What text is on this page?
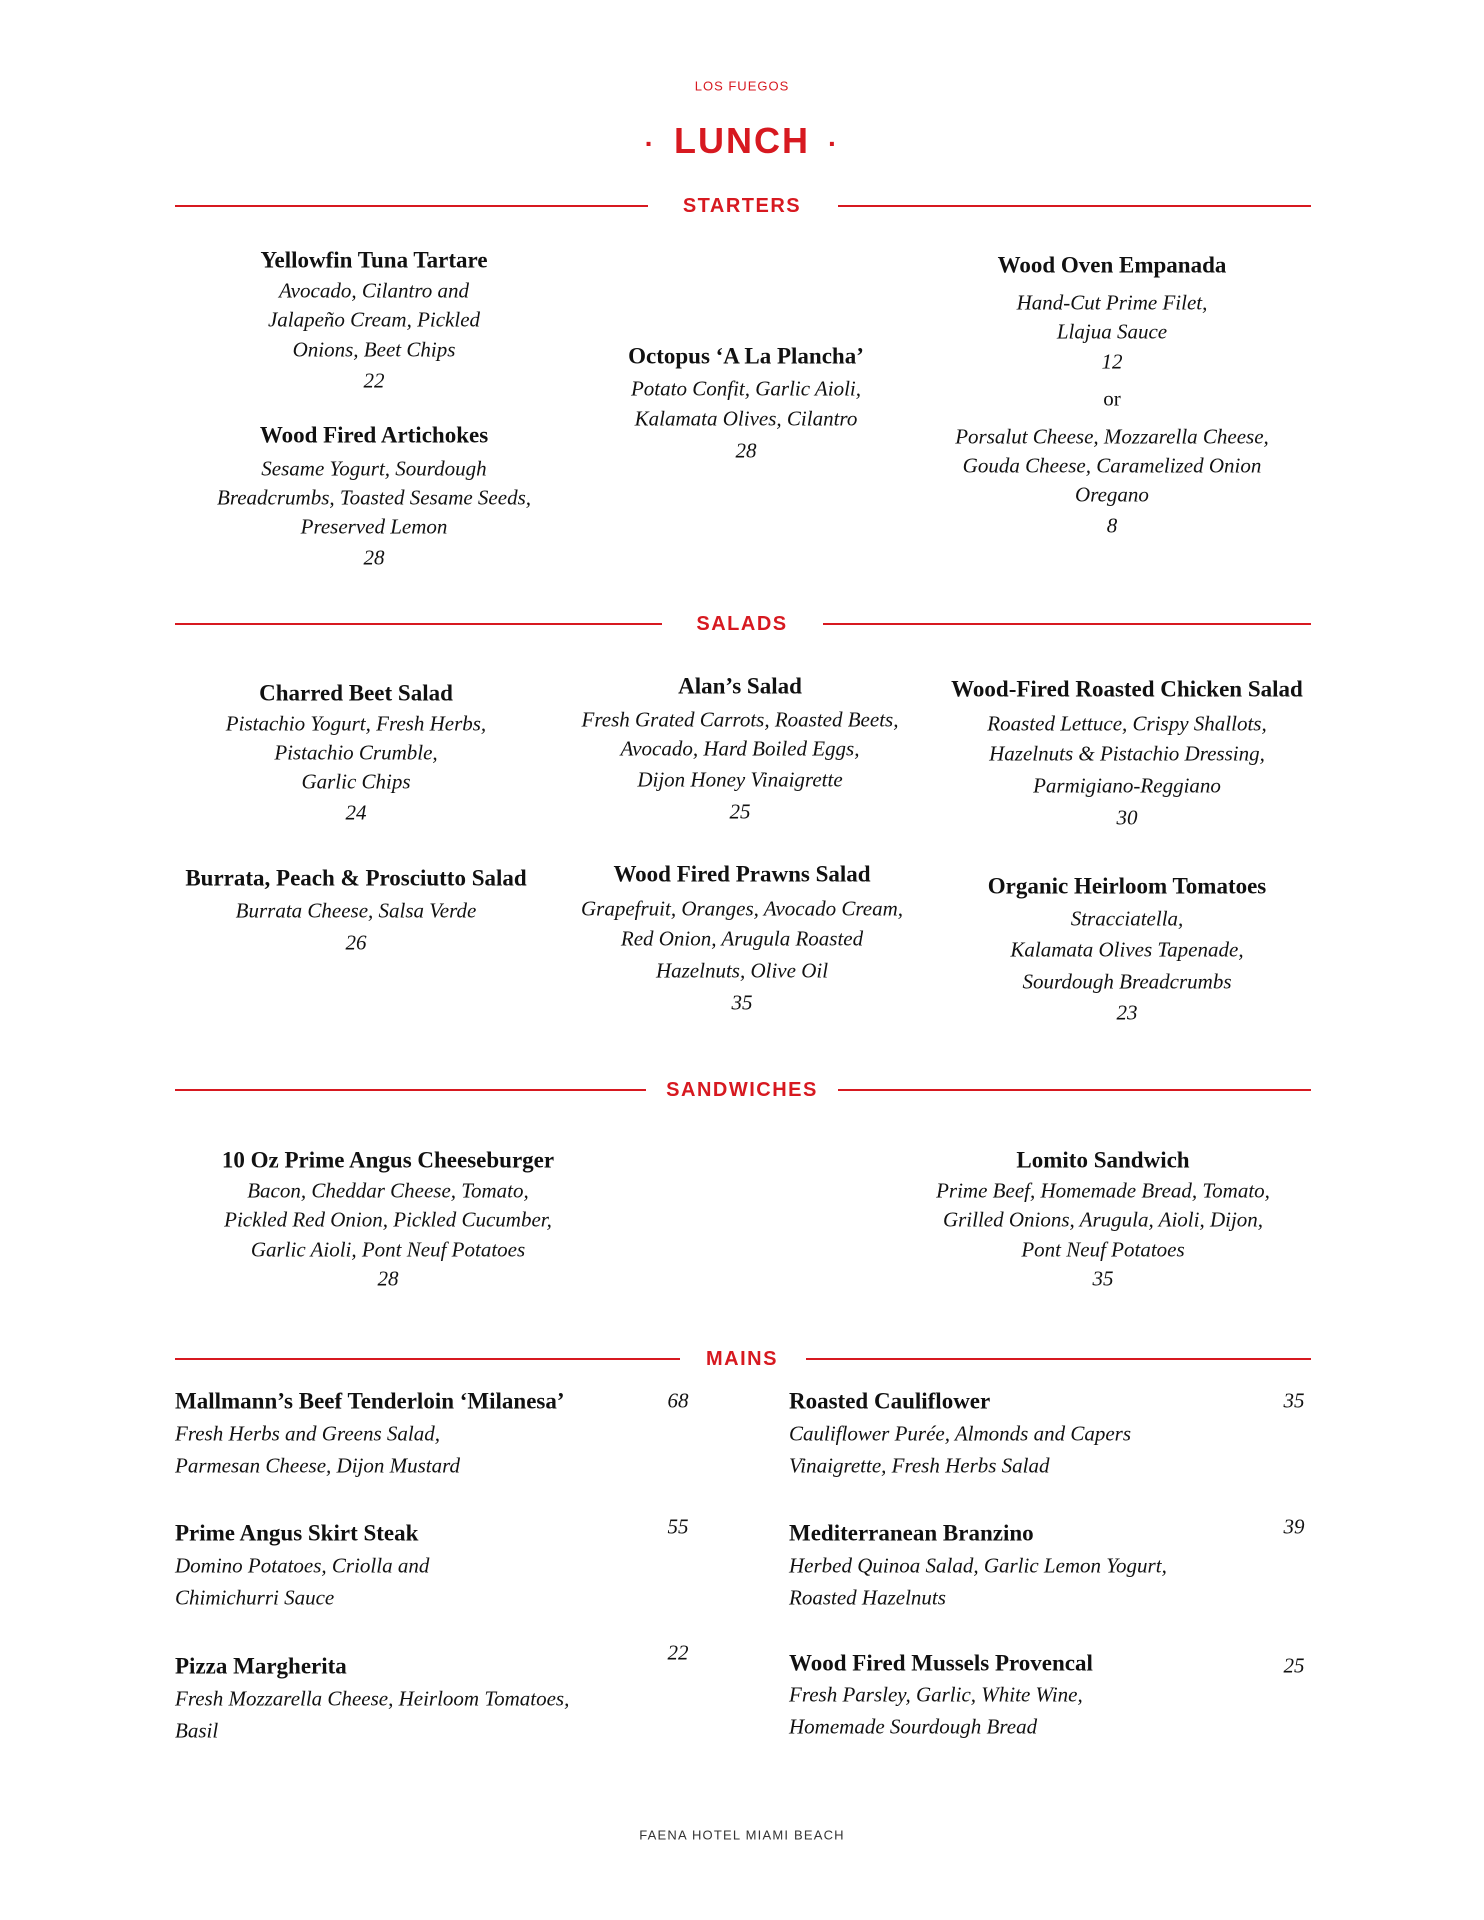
LOS FUEGOS
· LUNCH ·
FAENA HOTEL MIAMI BEACH
STARTERS
Yellowfin Tuna Tartare
Avocado, Cilantro and
Jalapeño Cream, Pickled
Onions, Beet Chips
22
Wood Fired Artichokes
Sesame Yogurt, Sourdough
Breadcrumbs, Toasted Sesame Seeds,
Preserved Lemon
28
Octopus ‘A La Plancha’
Potato Confit, Garlic Aioli,
Kalamata Olives, Cilantro
28
Wood Oven Empanada
Hand-Cut Prime Filet,
Llajua Sauce
12
or
Porsalut Cheese, Mozzarella Cheese,
Gouda Cheese, Caramelized Onion
Oregano
8
SALADS
Charred Beet Salad
Pistachio Yogurt, Fresh Herbs,
Pistachio Crumble,
Garlic Chips
24
Alan’s Salad
Fresh Grated Carrots, Roasted Beets,
Avocado, Hard Boiled Eggs,
Dijon Honey Vinaigrette
25
Wood-Fired Roasted Chicken Salad
Roasted Lettuce, Crispy Shallots,
Hazelnuts & Pistachio Dressing,
Parmigiano-Reggiano
30
Burrata, Peach & Prosciutto Salad
Burrata Cheese, Salsa Verde
26
Wood Fired Prawns Salad
Grapefruit, Oranges, Avocado Cream,
Red Onion, Arugula Roasted
Hazelnuts, Olive Oil
35
Organic Heirloom Tomatoes
Stracciatella,
Kalamata Olives Tapenade,
Sourdough Breadcrumbs
23
SANDWICHES
10 Oz Prime Angus Cheeseburger
Bacon, Cheddar Cheese, Tomato,
Pickled Red Onion, Pickled Cucumber,
Garlic Aioli, Pont Neuf Potatoes
28
Lomito Sandwich
Prime Beef, Homemade Bread, Tomato,
Grilled Onions, Arugula, Aioli, Dijon,
Pont Neuf Potatoes
35
MAINS
Mallmann’s Beef Tenderloin ‘Milanesa’
Fresh Herbs and Greens Salad,
Parmesan Cheese, Dijon Mustard
68
Prime Angus Skirt Steak
Domino Potatoes, Criolla and
Chimichurri Sauce
55
Pizza Margherita
Fresh Mozzarella Cheese, Heirloom Tomatoes,
Basil
22
Roasted Cauliflower
Cauliflower Purée, Almonds and Capers
Vinaigrette, Fresh Herbs Salad
35
Mediterranean Branzino
Herbed Quinoa Salad, Garlic Lemon Yogurt,
Roasted Hazelnuts
39
Wood Fired Mussels Provencal
Fresh Parsley, Garlic, White Wine,
Homemade Sourdough Bread
25
